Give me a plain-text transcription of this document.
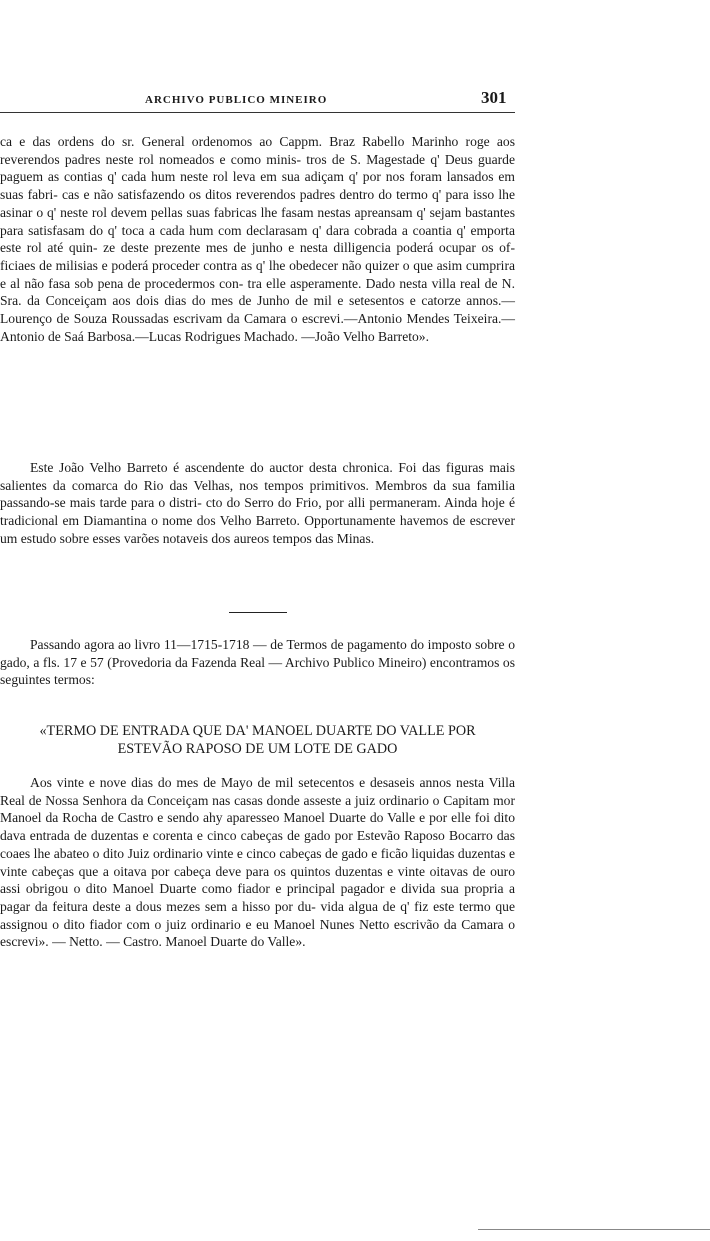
ARCHIVO PUBLICO MINEIRO	301

ca e das ordens do sr. General ordenomos ao Cappm. Braz Rabello Marinho roge aos reverendos padres neste rol nomeados e como minis- tros de S. Magestade q' Deus guarde paguem as contias q' cada hum neste rol leva em sua adiçam q' por nos foram lansados em suas fabri- cas e não satisfazendo os ditos reverendos padres dentro do termo q' para isso lhe asinar o q' neste rol devem pellas suas fabricas lhe fasam nestas apreansam q' sejam bastantes para satisfasam do q' toca a cada hum com declarasam q' dara cobrada a coantia q' emporta este rol até quin- ze deste prezente mes de junho e nesta dilligencia poderá ocupar os of- ficiaes de milisias e poderá proceder contra as q' lhe obedecer não quizer o que asim cumprira e al não fasa sob pena de procedermos con- tra elle asperamente. Dado nesta villa real de N. Sra. da Conceiçam aos dois dias do mes de Junho de mil e setesentos e catorze annos.— Lourenço de Souza Roussadas escrivam da Camara o escrevi.—Antonio Mendes Teixeira.—Antonio de Saá Barbosa.—Lucas Rodrigues Machado. —João Velho Barreto».

Este João Velho Barreto é ascendente do auctor desta chronica. Foi das figuras mais salientes da comarca do Rio das Velhas, nos tempos primitivos. Membros da sua familia passando-se mais tarde para o distri- cto do Serro do Frio, por alli permaneram. Ainda hoje é tradicional em Diamantina o nome dos Velho Barreto. Opportunamente havemos de escrever um estudo sobre esses varões notaveis dos aureos tempos das Minas.

Passando agora ao livro 11—1715-1718 — de Termos de pagamento do imposto sobre o gado, a fls. 17 e 57 (Provedoria da Fazenda Real — Archivo Publico Mineiro) encontramos os seguintes termos:

«TERMO DE ENTRADA QUE DA' MANOEL DUARTE DO VALLE POR
ESTEVÃO RAPOSO DE UM LOTE DE GADO

Aos vinte e nove dias do mes de Mayo de mil setecentos e desaseis annos nesta Villa Real de Nossa Senhora da Conceiçam nas casas donde asseste a juiz ordinario o Capitam mor Manoel da Rocha de Castro e sendo ahy aparesseo Manoel Duarte do Valle e por elle foi dito dava entrada de duzentas e corenta e cinco cabeças de gado por Estevão Raposo Bocarro das coaes lhe abateo o dito Juiz ordinario vinte e cinco cabeças de gado e ficão liquidas duzentas e vinte cabeças que a oitava por cabeça deve para os quintos duzentas e vinte oitavas de ouro assi obrigou o dito Manoel Duarte como fiador e principal pagador e divida sua propria a pagar da feitura deste a dous mezes sem a hisso por du- vida algua de q' fiz este termo que assignou o dito fiador com o juiz ordinario e eu Manoel Nunes Netto escrivão da Camara o escrevi». — Netto. — Castro. Manoel Duarte do Valle».
